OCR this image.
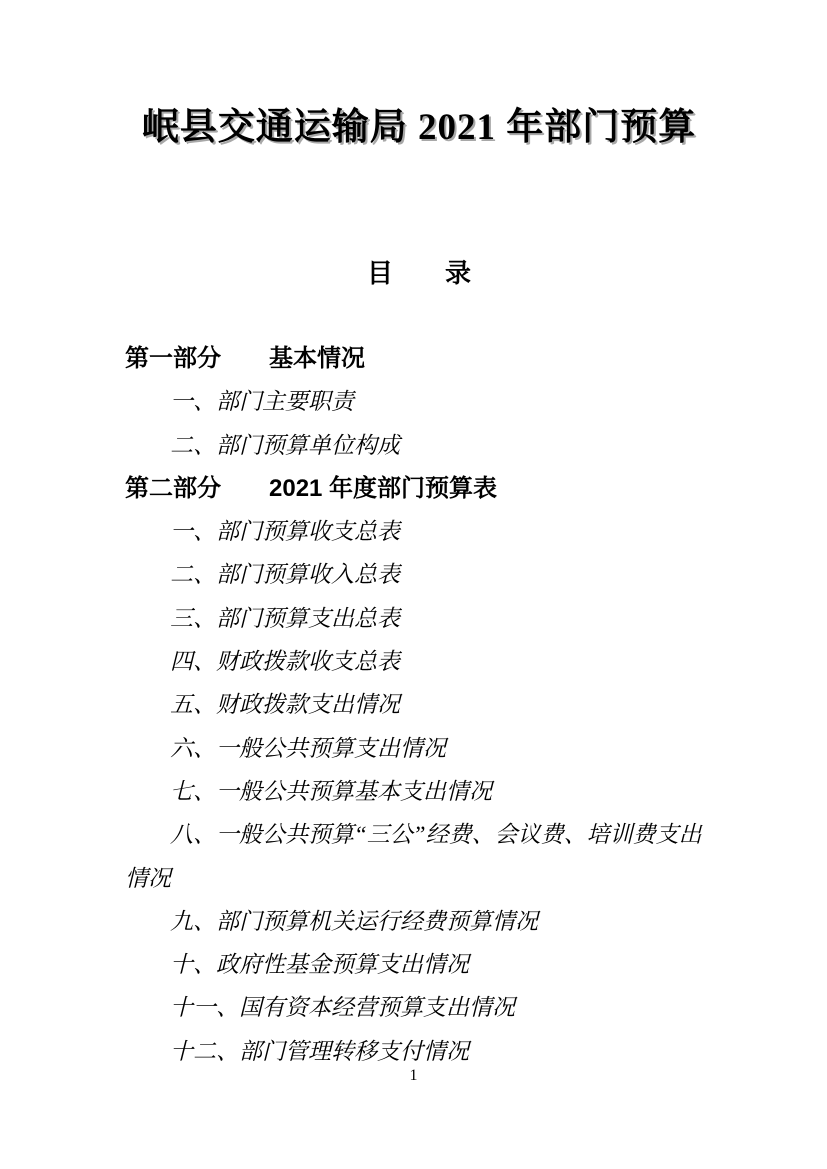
岷县交通运输局 2021 年部门预算
目　　录
第一部分　　基本情况
一、部门主要职责
二、部门预算单位构成
第二部分　　2021 年度部门预算表
一、部门预算收支总表
二、部门预算收入总表
三、部门预算支出总表
四、财政拨款收支总表
五、财政拨款支出情况
六、一般公共预算支出情况
七、一般公共预算基本支出情况
八、一般公共预算“三公”经费、会议费、培训费支出
情况
九、部门预算机关运行经费预算情况
十、政府性基金预算支出情况
十一、国有资本经营预算支出情况
十二、部门管理转移支付情况
1
